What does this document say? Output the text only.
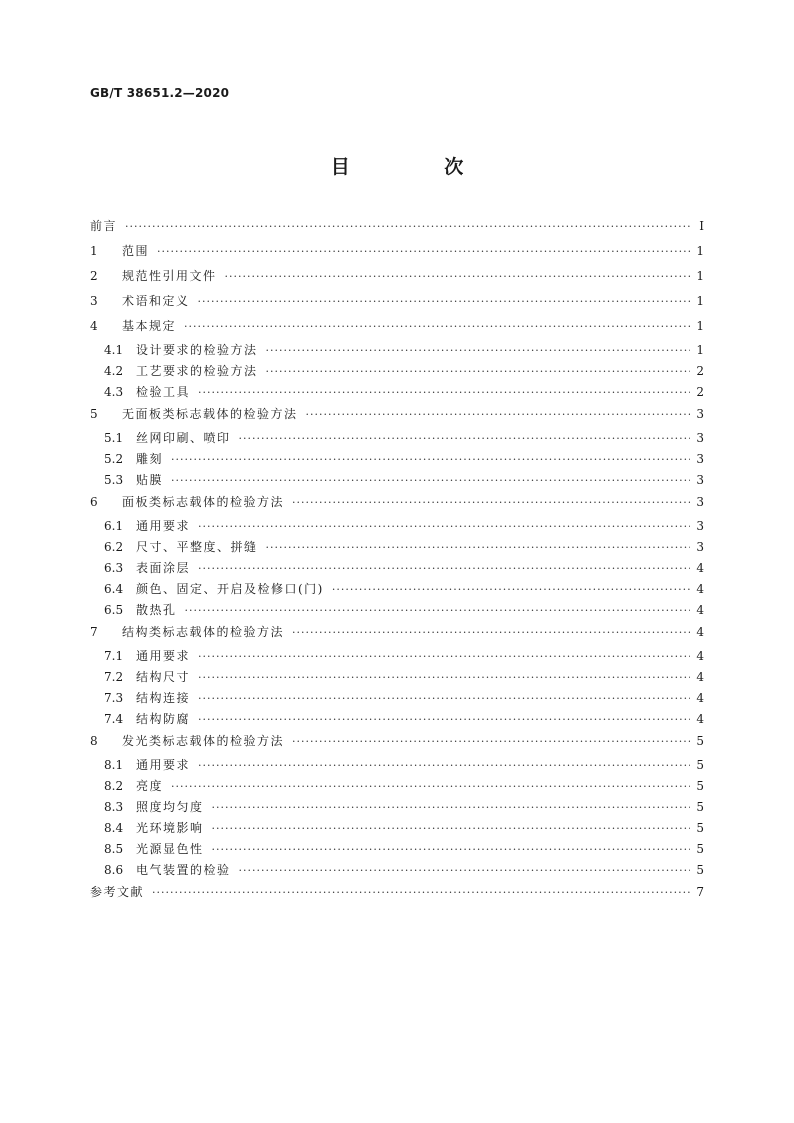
GB/T 38651.2—2020
目 次
前言 ·····	Ⅰ
1	范围 ·····	1
2	规范性引用文件 ·····	1
3	术语和定义 ·····	1
4	基本规定 ·····	1
4.1	设计要求的检验方法 ·····	1
4.2	工艺要求的检验方法 ·····	2
4.3	检验工具 ·····	2
5	无面板类标志载体的检验方法 ·····	3
5.1	丝网印刷、喷印 ·····	3
5.2	雕刻 ·····	3
5.3	贴膜 ·····	3
6	面板类标志载体的检验方法 ·····	3
6.1	通用要求 ·····	3
6.2	尺寸、平整度、拼缝 ·····	3
6.3	表面涂层 ·····	4
6.4	颜色、固定、开启及检修口(门) ·····	4
6.5	散热孔 ·····	4
7	结构类标志载体的检验方法 ·····	4
7.1	通用要求 ·····	4
7.2	结构尺寸 ·····	4
7.3	结构连接 ·····	4
7.4	结构防腐 ·····	4
8	发光类标志载体的检验方法 ·····	5
8.1	通用要求 ·····	5
8.2	亮度 ·····	5
8.3	照度均匀度 ·····	5
8.4	光环境影响 ·····	5
8.5	光源显色性 ·····	5
8.6	电气装置的检验 ·····	5
参考文献 ·····	7
